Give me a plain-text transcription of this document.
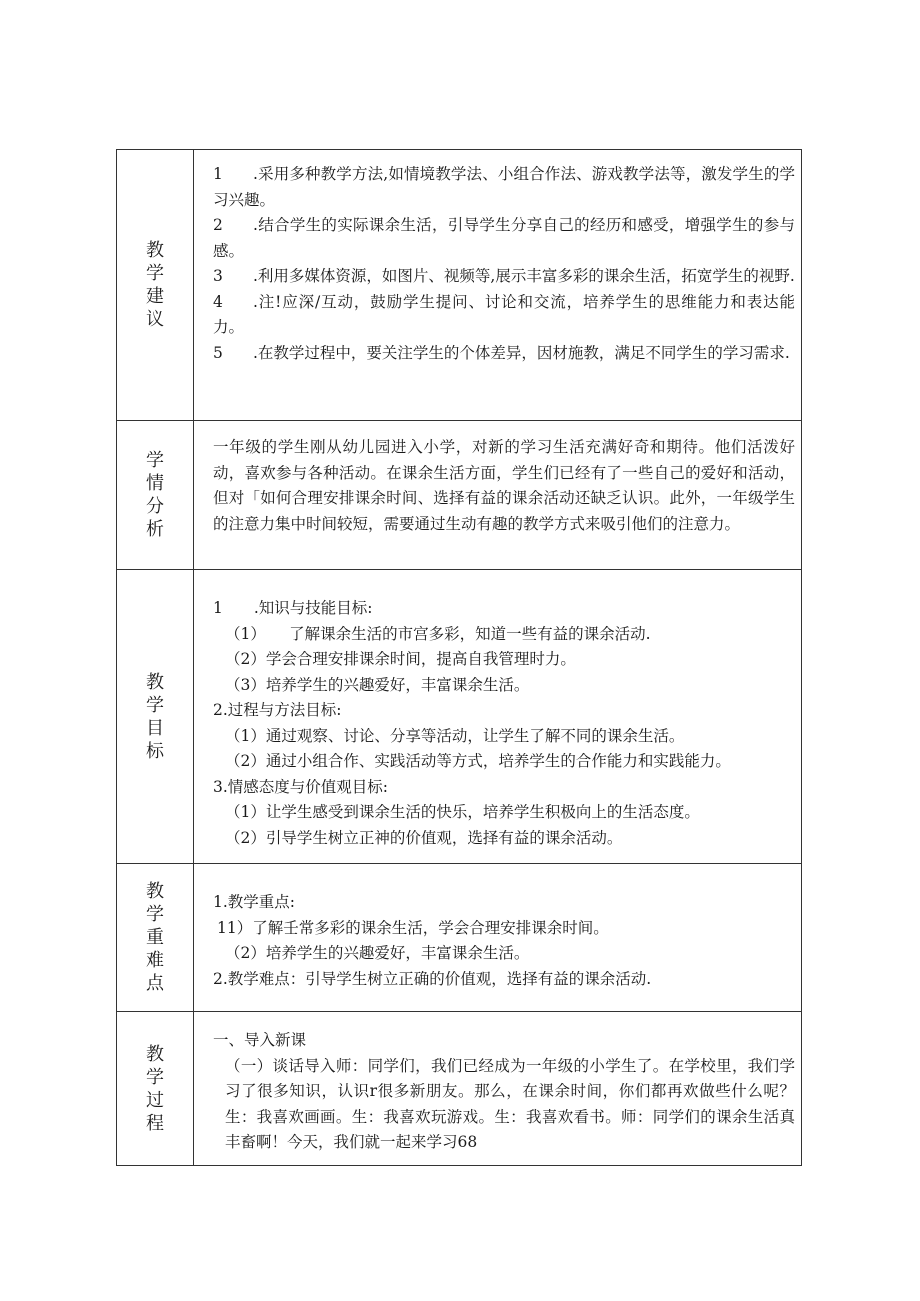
教学建议
1 .采用多种教学方法,如情境教学法、小组合作法、游戏教学法等，激发学生的学习兴趣。
2 .结合学生的实际课余生活，引导学生分享自己的经历和感受，增强学生的参与感。
3 .利用多媒体资源，如图片、视频等,展示丰富多彩的课余生活，拓宽学生的视野.
4 .注!应深/互动，鼓励学生提问、讨论和交流，培养学生的思维能力和表达能力。
5 .在教学过程中，要关注学生的个体差异，因材施教，满足不同学生的学习需求.
学情分析
一年级的学生刚从幼儿园进入小学，对新的学习生活充满好奇和期待。他们活泼好动，喜欢参与各种活动。在课余生活方面，学生们已经有了一些自己的爱好和活动，但对「如何合理安排课余时间、选择有益的课余活动还缺乏认识。此外，一年级学生的注意力集中时间较短，需要通过生动有趣的教学方式来吸引他们的注意力。
教学目标
1　　.知识与技能目标:
（1）　　了解课余生活的市宫多彩，知道一些有益的课余活动.
（2）学会合理安排课余时间，提高自我管理时力。
（3）培养学生的兴趣爱好，丰富课余生活。
2.过程与方法目标:
（1）通过观察、讨论、分享等活动，让学生了解不同的课余生活。
（2）通过小组合作、实践活动等方式，培养学生的合作能力和实践能力。
3.情感态度与价值观目标:
（1）让学生感受到课余生活的快乐，培养学生积极向上的生活态度。
（2）引导学生树立正神的价值观，选择有益的课余活动。
教学重难点
1.教学重点:
11）了解壬常多彩的课余生活，学会合理安排课余时间。
（2）培养学生的兴趣爱好，丰富课余生活。
2.教学难点：引导学生树立正确的价值观，选择有益的课余活动.
教学过程
一、导入新课
（一）谈话导入师：同学们，我们已经成为一年级的小学生了。在学校里，我们学习了很多知识，认识r很多新朋友。那么，在课余时间，你们都再欢做些什么呢？生：我喜欢画画。生：我喜欢玩游戏。生：我喜欢看书。师：同学们的课余生活真丰畜啊！今天，我们就一起来学习68
